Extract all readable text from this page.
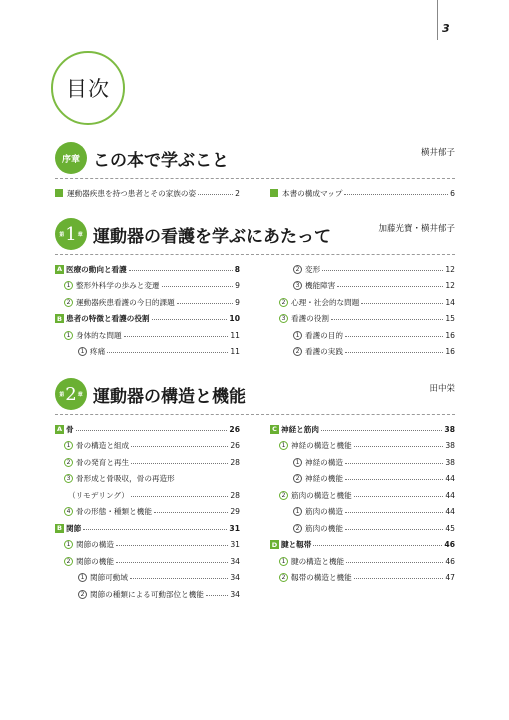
3
目次
序章 この本で学ぶこと	横井郁子
運動器疾患を持つ患者とその家族の姿	2	本書の構成マップ	6
第 1 章 運動器の看護を学ぶにあたって	加藤光寶・横井郁子
A 医療の動向と看護	8
1 整形外科学の歩みと変遷	9
2 運動器疾患看護の今日的課題	9
B 患者の特徴と看護の役割	10
1 身体的な問題	11
1 疼痛	11
2 変形	12
3 機能障害	12
2 心理・社会的な問題	14
3 看護の役割	15
1 看護の目的	16
2 看護の実践	16
第 2 章 運動器の構造と機能	田中栄
A 骨	26
1 骨の構造と組成	26
2 骨の発育と再生	28
3 骨形成と骨吸収，骨の再造形
（リモデリング）	28
4 骨の形態・種類と機能	29
B 関節	31
1 関節の構造	31
2 関節の機能	34
1 関節可動域	34
2 関節の種類による可動部位と機能	34
C 神経と筋肉	38
1 神経の構造と機能	38
1 神経の構造	38
2 神経の機能	44
2 筋肉の構造と機能	44
1 筋肉の構造	44
2 筋肉の機能	45
D 腱と靱帯	46
1 腱の構造と機能	46
2 靱帯の構造と機能	47
